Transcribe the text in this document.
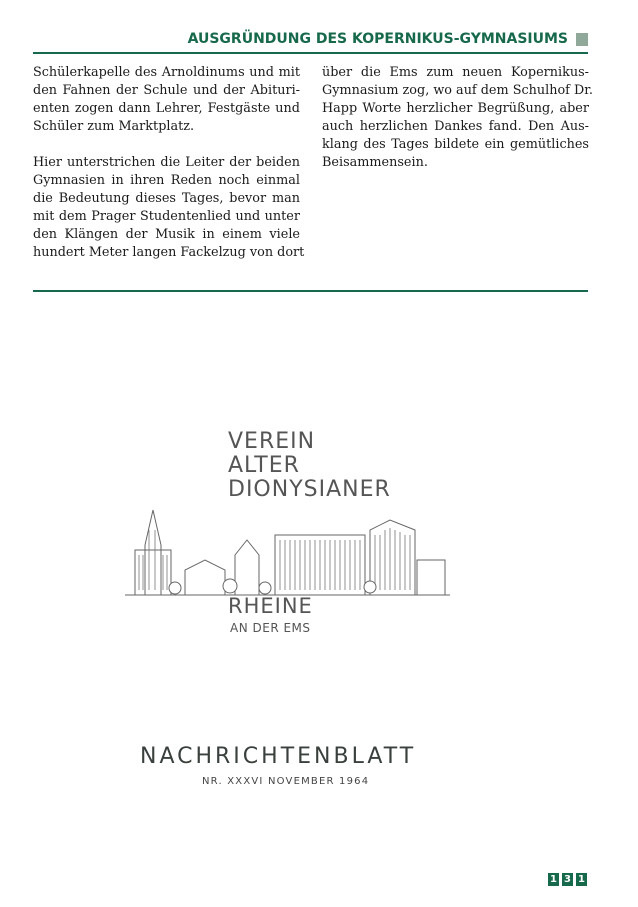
AUSGRÜNDUNG DES KOPERNIKUS-GYMNASIUMS
Schülerkapelle des Arnoldinums und mit
den Fahnen der Schule und der Abituri-
enten zogen dann Lehrer, Festgäste und
Schüler zum Marktplatz.
Hier unterstrichen die Leiter der beiden
Gymnasien in ihren Reden noch einmal
die Bedeutung dieses Tages, bevor man
mit dem Prager Studentenlied und unter
den Klängen der Musik in einem viele
hundert Meter langen Fackelzug von dort
über die Ems zum neuen Kopernikus-
Gymnasium zog, wo auf dem Schulhof Dr.
Happ Worte herzlicher Begrüßung, aber
auch herzlichen Dankes fand. Den Aus-
klang des Tages bildete ein gemütliches
Beisammensein.
VEREIN
ALTER
DIONYSIANER
RHEINE
AN DER EMS
NACHRICHTENBLATT
NR. XXXVI NOVEMBER 1964
1 3 1
